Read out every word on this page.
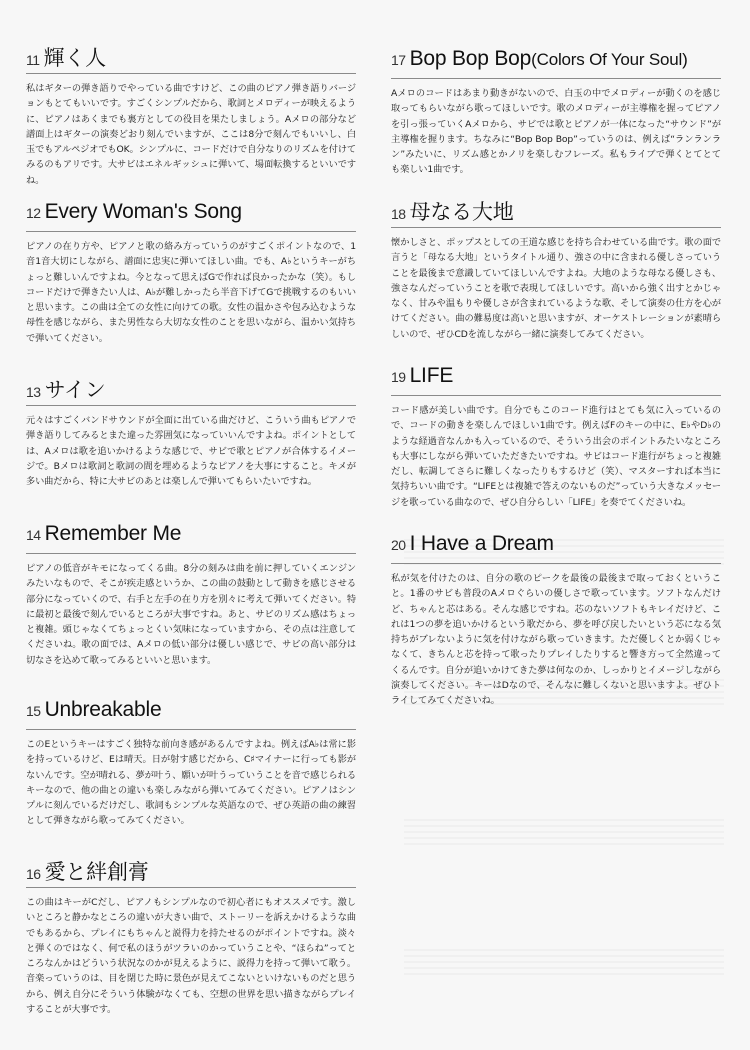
11 輝く人

私はギターの弾き語りでやっている曲ですけど、この曲のピアノ弾き語りバージョンもとてもいいです。すごくシンプルだから、歌詞とメロディーが映えるように、ピアノはあくまでも裏方としての役目を果たしましょう。Aメロの部分など譜面上はギターの演奏どおり刻んでいますが、ここは8分で刻んでもいいし、白玉でもアルペジオでもOK。シンプルに、コードだけで自分なりのリズムを付けてみるのもアリです。大サビはエネルギッシュに弾いて、場面転換するといいですね。

12 Every Woman's Song

ピアノの在り方や、ピアノと歌の絡み方っていうのがすごくポイントなので、1音1音大切にしながら、譜面に忠実に弾いてほしい曲。でも、A♭というキーがちょっと難しいんですよね。今となって思えばGで作れば良かったかな（笑）。もしコードだけで弾きたい人は、A♭が難しかったら半音下げてGで挑戦するのもいいと思います。この曲は全ての女性に向けての歌。女性の温かさや包み込むような母性を感じながら、また男性なら大切な女性のことを思いながら、温かい気持ちで弾いてください。

13 サイン

元々はすごくバンドサウンドが全面に出ている曲だけど、こういう曲もピアノで弾き語りしてみるとまた違った雰囲気になっていいんですよね。ポイントとしては、Aメロは歌を追いかけるような感じで、サビで歌とピアノが合体するイメージで。Bメロは歌詞と歌詞の間を埋めるようなピアノを大事にすること。キメが多い曲だから、特に大サビのあとは楽しんで弾いてもらいたいですね。

14 Remember Me

ピアノの低音がキモになってくる曲。8分の刻みは曲を前に押していくエンジンみたいなもので、そこが疾走感というか、この曲の鼓動として動きを感じさせる部分になっていくので、右手と左手の在り方を別々に考えて弾いてください。特に最初と最後で刻んでいるところが大事ですね。あと、サビのリズム感はちょっと複雑。頭じゃなくてちょっとくい気味になっていますから、その点は注意してくださいね。歌の面では、Aメロの低い部分は優しい感じで、サビの高い部分は切なさを込めて歌ってみるといいと思います。

15 Unbreakable

このEというキーはすごく独特な前向き感があるんですよね。例えばA♭は常に影を持っているけど、Eは晴天。日が射す感じだから、C♯マイナーに行っても影がないんです。空が晴れる、夢が叶う、願いが叶うっていうことを音で感じられるキーなので、他の曲との違いも楽しみながら弾いてみてください。ピアノはシンプルに刻んでいるだけだし、歌詞もシンプルな英語なので、ぜひ英語の曲の練習として弾きながら歌ってみてください。

16 愛と絆創膏

この曲はキーがCだし、ピアノもシンプルなので初心者にもオススメです。激しいところと静かなところの違いが大きい曲で、ストーリーを訴えかけるような曲でもあるから、プレイにもちゃんと説得力を持たせるのがポイントですね。淡々と弾くのではなく、何で私のほうがツラいのかっていうことや、“ほらね”ってところなんかはどういう状況なのかが見えるように、説得力を持って弾いて歌う。音楽っていうのは、目を閉じた時に景色が見えてこないといけないものだと思うから、例え自分にそういう体験がなくても、空想の世界を思い描きながらプレイすることが大事です。

17 Bop Bop Bop(Colors Of Your Soul)

Aメロのコードはあまり動きがないので、白玉の中でメロディーが動くのを感じ取ってもらいながら歌ってほしいです。歌のメロディーが主導権を握ってピアノを引っ張っていくAメロから、サビでは歌とピアノが一体になった“サウンド”が主導権を握ります。ちなみに“Bop Bop Bop”っていうのは、例えば“ランランラン”みたいに、リズム感とかノリを楽しむフレーズ。私もライブで弾くとてとても楽しい1曲です。

18 母なる大地

懐かしさと、ポップスとしての王道な感じを持ち合わせている曲です。歌の面で言うと「母なる大地」というタイトル通り、強さの中に含まれる優しさっていうことを最後まで意識していてほしいんですよね。大地のような母なる優しさも、強さなんだっていうことを歌で表現してほしいです。高いから強く出すとかじゃなく、甘みや温もりや優しさが含まれているような歌、そして演奏の仕方を心がけてください。曲の難易度は高いと思いますが、オーケストレーションが素晴らしいので、ぜひCDを流しながら一緒に演奏してみてください。

19 LIFE

コード感が美しい曲です。自分でもこのコード進行はとても気に入っているので、コードの動きを楽しんでほしい1曲です。例えばFのキーの中に、E♭やD♭のような経過音なんかも入っているので、そういう出会のポイントみたいなところも大事にしながら弾いていただきたいですね。サビはコード進行がちょっと複雑だし、転調してさらに難しくなったりもするけど（笑）、マスターすれば本当に気持ちいい曲です。“LIFEとは複雑で答えのないものだ”っていう大きなメッセージを歌っている曲なので、ぜひ自分らしい「LIFE」を奏でてくださいね。

20 I Have a Dream

私が気を付けたのは、自分の歌のピークを最後の最後まで取っておくということ。1番のサビも普段のAメロぐらいの優しさで歌っています。ソフトなんだけど、ちゃんと芯はある。そんな感じですね。芯のないソフトもキレイだけど、これは1つの夢を追いかけるという歌だから、夢を呼び戻したいという芯になる気持ちがブレないように気を付けながら歌っていきます。ただ優しくとか弱くじゃなくて、きちんと芯を持って歌ったりプレイしたりすると響き方って全然違ってくるんです。自分が追いかけてきた夢は何なのか、しっかりとイメージしながら演奏してください。キーはDなので、そんなに難しくないと思いますよ。ぜひトライしてみてくださいね。
